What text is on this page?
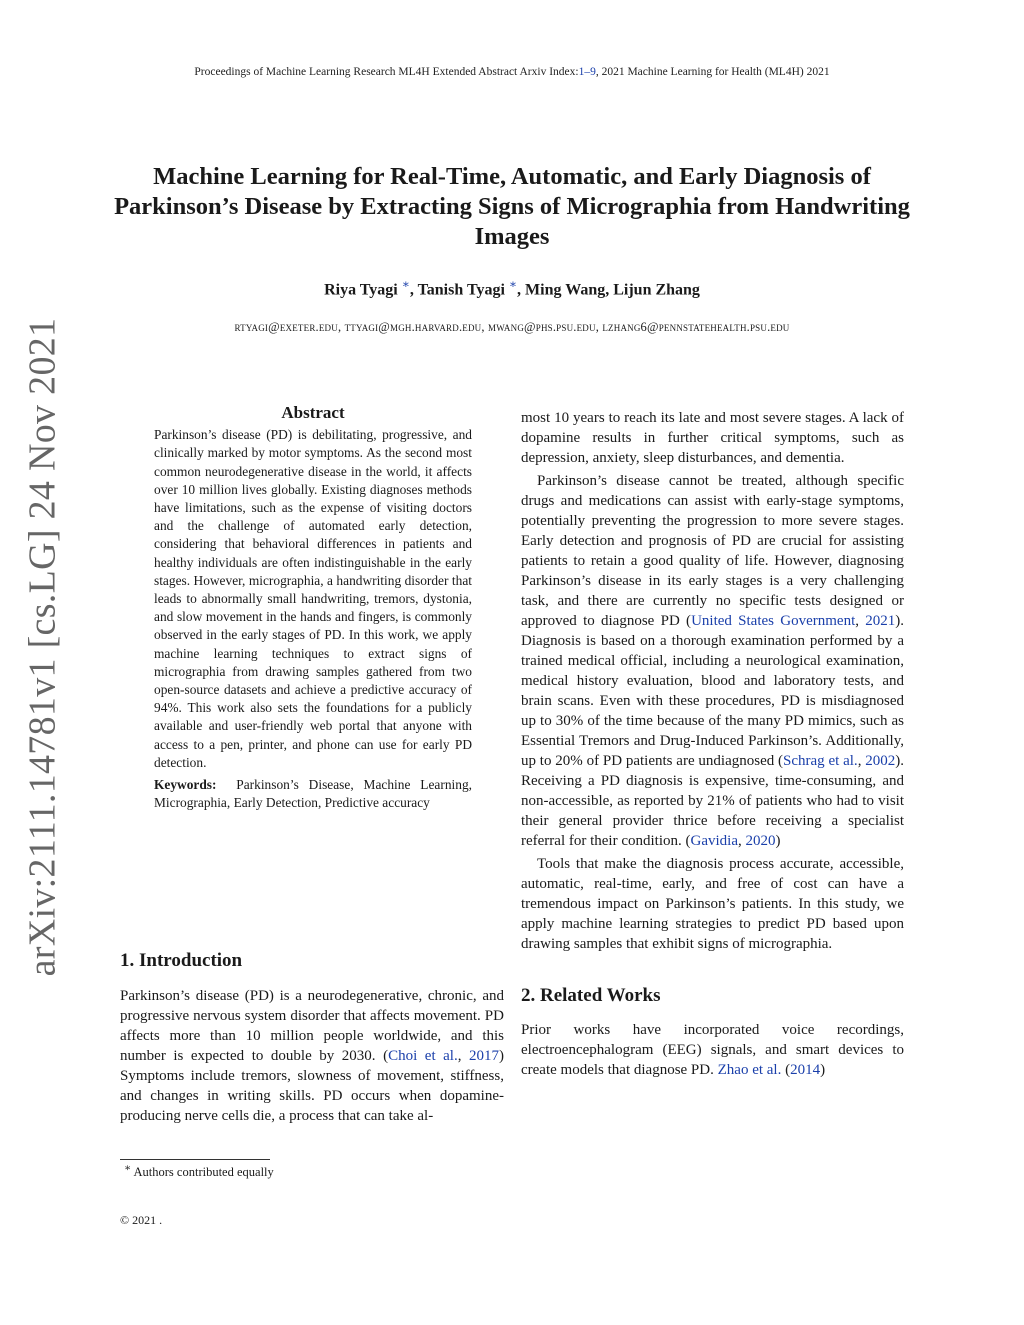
Proceedings of Machine Learning Research ML4H Extended Abstract Arxiv Index:1–9, 2021 Machine Learning for Health (ML4H) 2021
Machine Learning for Real-Time, Automatic, and Early Diagnosis of Parkinson’s Disease by Extracting Signs of Micrographia from Handwriting Images
Riya Tyagi ∗, Tanish Tyagi ∗, Ming Wang, Lijun Zhang
rtyagi@exeter.edu, ttyagi@mgh.harvard.edu, mwang@phs.psu.edu, lzhang6@pennstatehealth.psu.edu
arXiv:2111.14781v1 [cs.LG] 24 Nov 2021	Abstract

Parkinson’s disease (PD) is debilitating, progressive, and clinically marked by motor symptoms. As the second most common neurodegenerative disease in the world, it affects over 10 million lives globally. Existing diagnoses methods have limitations, such as the expense of visiting doctors and the challenge of automated early detection, considering that behavioral differences in patients and healthy individuals are often indistinguishable in the early stages. However, micrographia, a handwriting disorder that leads to abnormally small handwriting, tremors, dystonia, and slow movement in the hands and fingers, is commonly observed in the early stages of PD. In this work, we apply machine learning techniques to extract signs of micrographia from drawing samples gathered from two open-source datasets and achieve a predictive accuracy of 94%. This work also sets the foundations for a publicly available and user-friendly web portal that anyone with access to a pen, printer, and phone can use for early PD detection.

Keywords: Parkinson’s Disease, Machine Learning, Micrographia, Early Detection, Predictive accuracy

1. Introduction

Parkinson’s disease (PD) is a neurodegenerative, chronic, and progressive nervous system disorder that affects movement. PD affects more than 10 million people worldwide, and this number is expected to double by 2030. (Choi et al., 2017) Symptoms include tremors, slowness of movement, stiffness, and changes in writing skills. PD occurs when dopamine-producing nerve cells die, a process that can take al-

∗ Authors contributed equally
© 2021 .

most 10 years to reach its late and most severe stages. A lack of dopamine results in further critical symptoms, such as depression, anxiety, sleep disturbances, and dementia.

Parkinson’s disease cannot be treated, although specific drugs and medications can assist with early-stage symptoms, potentially preventing the progression to more severe stages. Early detection and prognosis of PD are crucial for assisting patients to retain a good quality of life. However, diagnosing Parkinson’s disease in its early stages is a very challenging task, and there are currently no specific tests designed or approved to diagnose PD (United States Government, 2021). Diagnosis is based on a thorough examination performed by a trained medical official, including a neurological examination, medical history evaluation, blood and laboratory tests, and brain scans. Even with these procedures, PD is misdiagnosed up to 30% of the time because of the many PD mimics, such as Essential Tremors and Drug-Induced Parkinson’s. Additionally, up to 20% of PD patients are undiagnosed (Schrag et al., 2002). Receiving a PD diagnosis is expensive, time-consuming, and non-accessible, as reported by 21% of patients who had to visit their general provider thrice before receiving a specialist referral for their condition. (Gavidia, 2020)

Tools that make the diagnosis process accurate, accessible, automatic, real-time, early, and free of cost can have a tremendous impact on Parkinson’s patients. In this study, we apply machine learning strategies to predict PD based upon drawing samples that exhibit signs of micrographia.

2. Related Works

Prior works have incorporated voice recordings, electroencephalogram (EEG) signals, and smart devices to create models that diagnose PD. Zhao et al. (2014)
